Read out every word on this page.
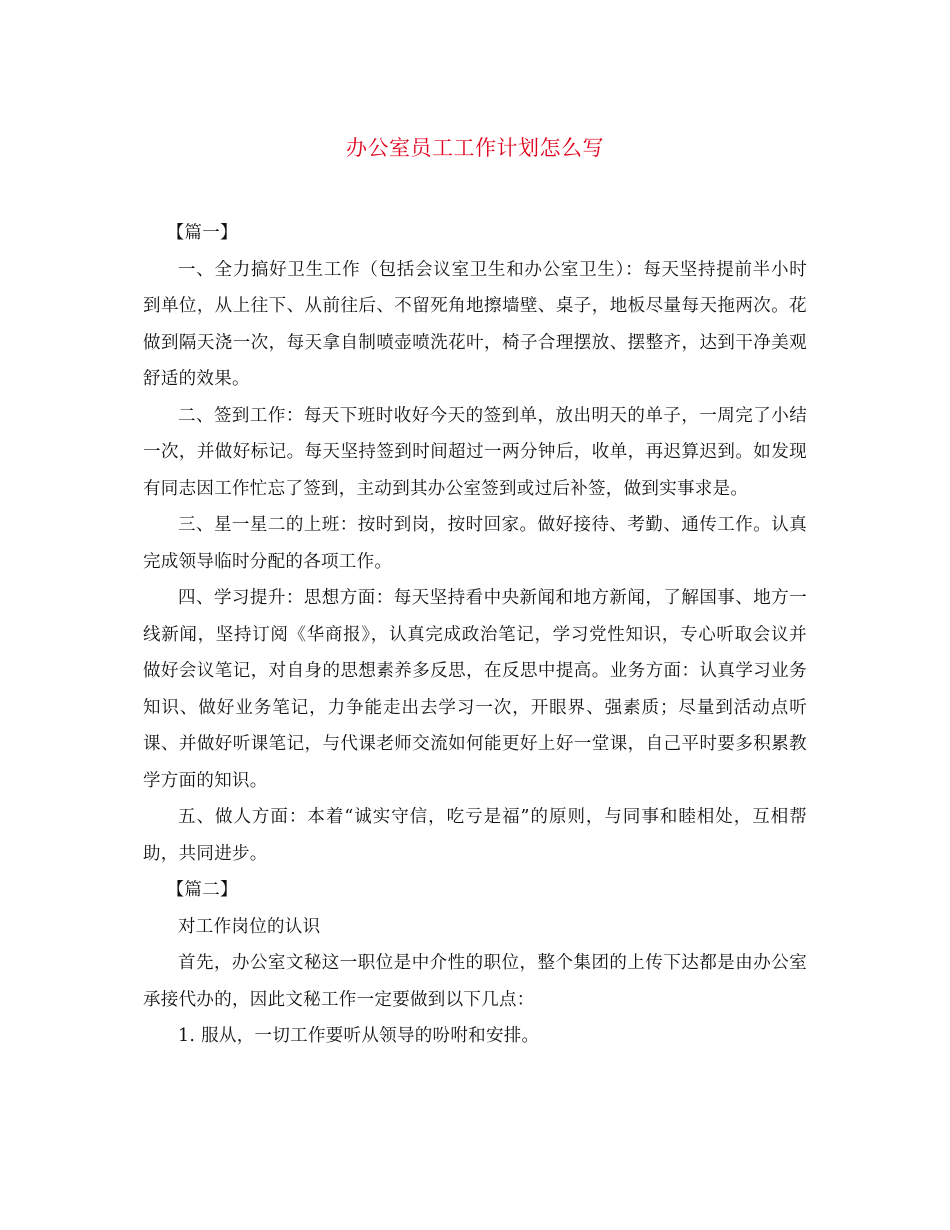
办公室员工工作计划怎么写

【篇一】

一、全力搞好卫生工作（包括会议室卫生和办公室卫生）：每天坚持提前半小时到单位，从上往下、从前往后、不留死角地擦墙壁、桌子，地板尽量每天拖两次。花做到隔天浇一次，每天拿自制喷壶喷洗花叶，椅子合理摆放、摆整齐，达到干净美观舒适的效果。

二、签到工作：每天下班时收好今天的签到单，放出明天的单子，一周完了小结一次，并做好标记。每天坚持签到时间超过一两分钟后，收单，再迟算迟到。如发现有同志因工作忙忘了签到，主动到其办公室签到或过后补签，做到实事求是。

三、星一星二的上班：按时到岗，按时回家。做好接待、考勤、通传工作。认真完成领导临时分配的各项工作。

四、学习提升：思想方面：每天坚持看中央新闻和地方新闻，了解国事、地方一线新闻，坚持订阅《华商报》，认真完成政治笔记，学习党性知识，专心听取会议并做好会议笔记，对自身的思想素养多反思，在反思中提高。业务方面：认真学习业务知识、做好业务笔记，力争能走出去学习一次，开眼界、强素质；尽量到活动点听课、并做好听课笔记，与代课老师交流如何能更好上好一堂课，自己平时要多积累教学方面的知识。

五、做人方面：本着“诚实守信，吃亏是福”的原则，与同事和睦相处，互相帮助，共同进步。

【篇二】

对工作岗位的认识

首先，办公室文秘这一职位是中介性的职位，整个集团的上传下达都是由办公室承接代办的，因此文秘工作一定要做到以下几点：

1. 服从，一切工作要听从领导的吩咐和安排。
